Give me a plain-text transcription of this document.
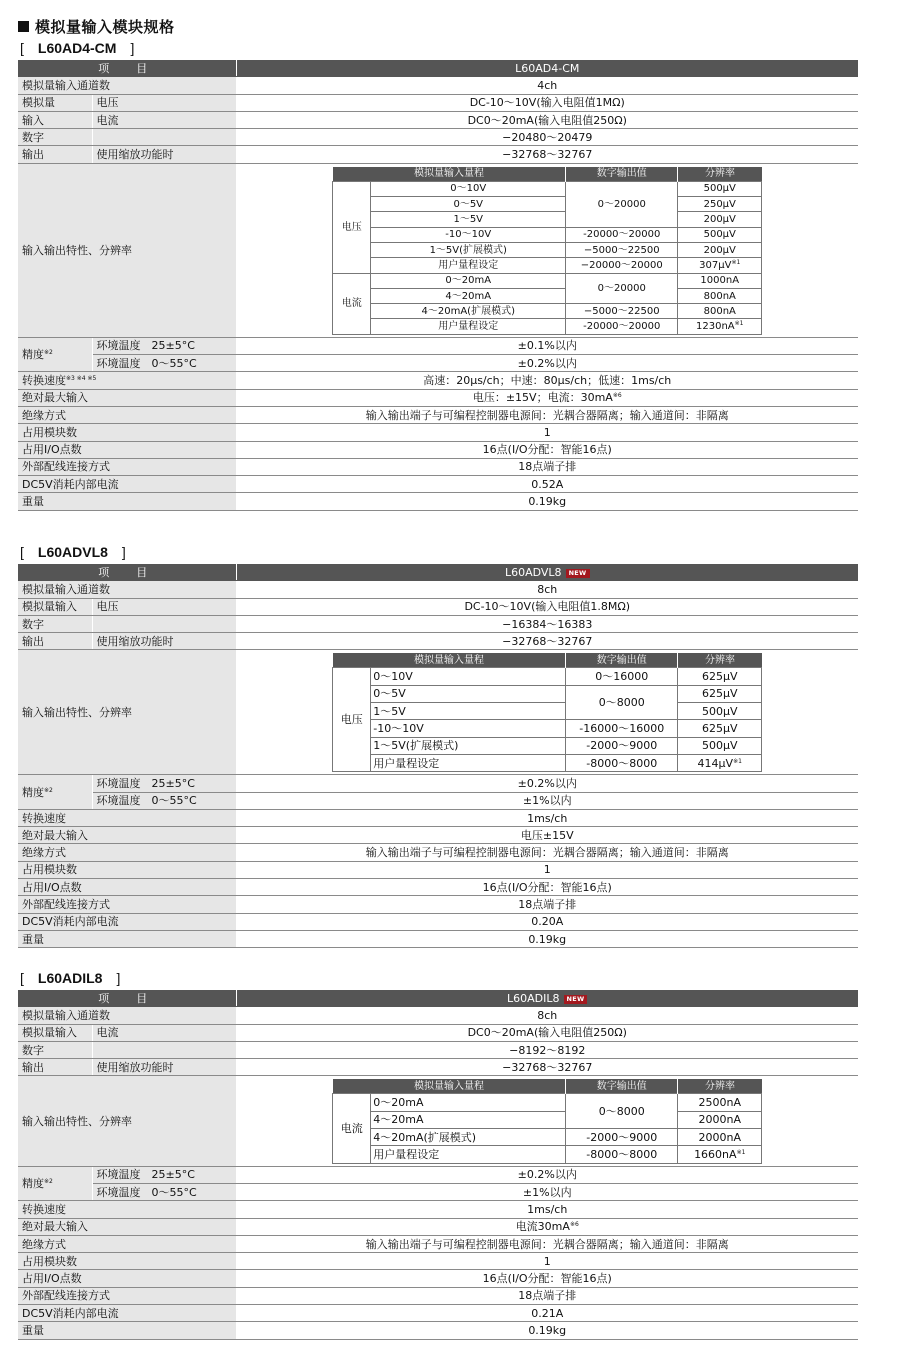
模拟量输入模块规格
[　L60AD4-CM　]
项　目	L60AD4-CM
模拟量输入通道数	4ch
模拟量	电压	DC-10～10V(输入电阻值1MΩ)
输入	电流	DC0～20mA(输入电阻值250Ω)
数字		−20480～20479
输出	使用缩放功能时	−32768～32767
输入输出特性、分辨率	
模拟量输入量程	数字输出值	分辨率
电压	0～10V	0～20000	500μV
0～5V	250μV
1～5V	200μV
-10～10V	-20000～20000	500μV
1～5V(扩展模式)	−5000～22500	200μV
用户量程设定	−20000～20000	$307\mu V^{※1}$
电流	0～20mA	0～20000	1000nA
4～20mA	800nA
4～20mA(扩展模式)	−5000～22500	800nA
用户量程设定	-20000～20000	$1230nA^{※1}$

精度$^{※2}$	环境温度　25±5°C	±0.1%以内
环境温度　0～55°C	±0.2%以内
转换速度$^{※3 ※4 ※5}$	高速：20μs/ch；中速：80μs/ch；低速：1ms/ch
绝对最大输入	电压：±15V；电流：$30mA^{※6}$
绝缘方式	输入输出端子与可编程控制器电源间：光耦合器隔离；输入通道间：非隔离
占用模块数	1
占用I/O点数	16点(I/O分配：智能16点)
外部配线连接方式	18点端子排
DC5V消耗内部电流	0.52A
重量	0.19kg
[　L60ADVL8　]
项　目	L60ADVL8 NEW
模拟量输入通道数	8ch
模拟量输入	电压	DC-10～10V(输入电阻值1.8MΩ)
数字		−16384～16383
输出	使用缩放功能时	−32768～32767
输入输出特性、分辨率	
模拟量输入量程	数字输出值	分辨率
电压	0～10V	0～16000	625μV
0～5V	0～8000	625μV
1～5V	500μV
-10～10V	-16000～16000	625μV
1～5V(扩展模式)	-2000～9000	500μV
用户量程设定	-8000～8000	$414\mu V^{※1}$

精度$^{※2}$	环境温度　25±5°C	±0.2%以内
环境温度　0～55°C	±1%以内
转换速度	1ms/ch
绝对最大输入	电压±15V
绝缘方式	输入输出端子与可编程控制器电源间：光耦合器隔离；输入通道间：非隔离
占用模块数	1
占用I/O点数	16点(I/O分配：智能16点)
外部配线连接方式	18点端子排
DC5V消耗内部电流	0.20A
重量	0.19kg
[　L60ADIL8　]
项　目	L60ADIL8 NEW
模拟量输入通道数	8ch
模拟量输入	电流	DC0～20mA(输入电阻值250Ω)
数字		−8192～8192
输出	使用缩放功能时	−32768～32767
输入输出特性、分辨率	
模拟量输入量程	数字输出值	分辨率
电流	0～20mA	0～8000	2500nA
4～20mA	2000nA
4～20mA(扩展模式)	-2000～9000	2000nA
用户量程设定	-8000～8000	$1660nA^{※1}$

精度$^{※2}$	环境温度　25±5°C	±0.2%以内
环境温度　0～55°C	±1%以内
转换速度	1ms/ch
绝对最大输入	电流$30mA^{※6}$
绝缘方式	输入输出端子与可编程控制器电源间：光耦合器隔离；输入通道间：非隔离
占用模块数	1
占用I/O点数	16点(I/O分配：智能16点)
外部配线连接方式	18点端子排
DC5V消耗内部电流	0.21A
重量	0.19kg
